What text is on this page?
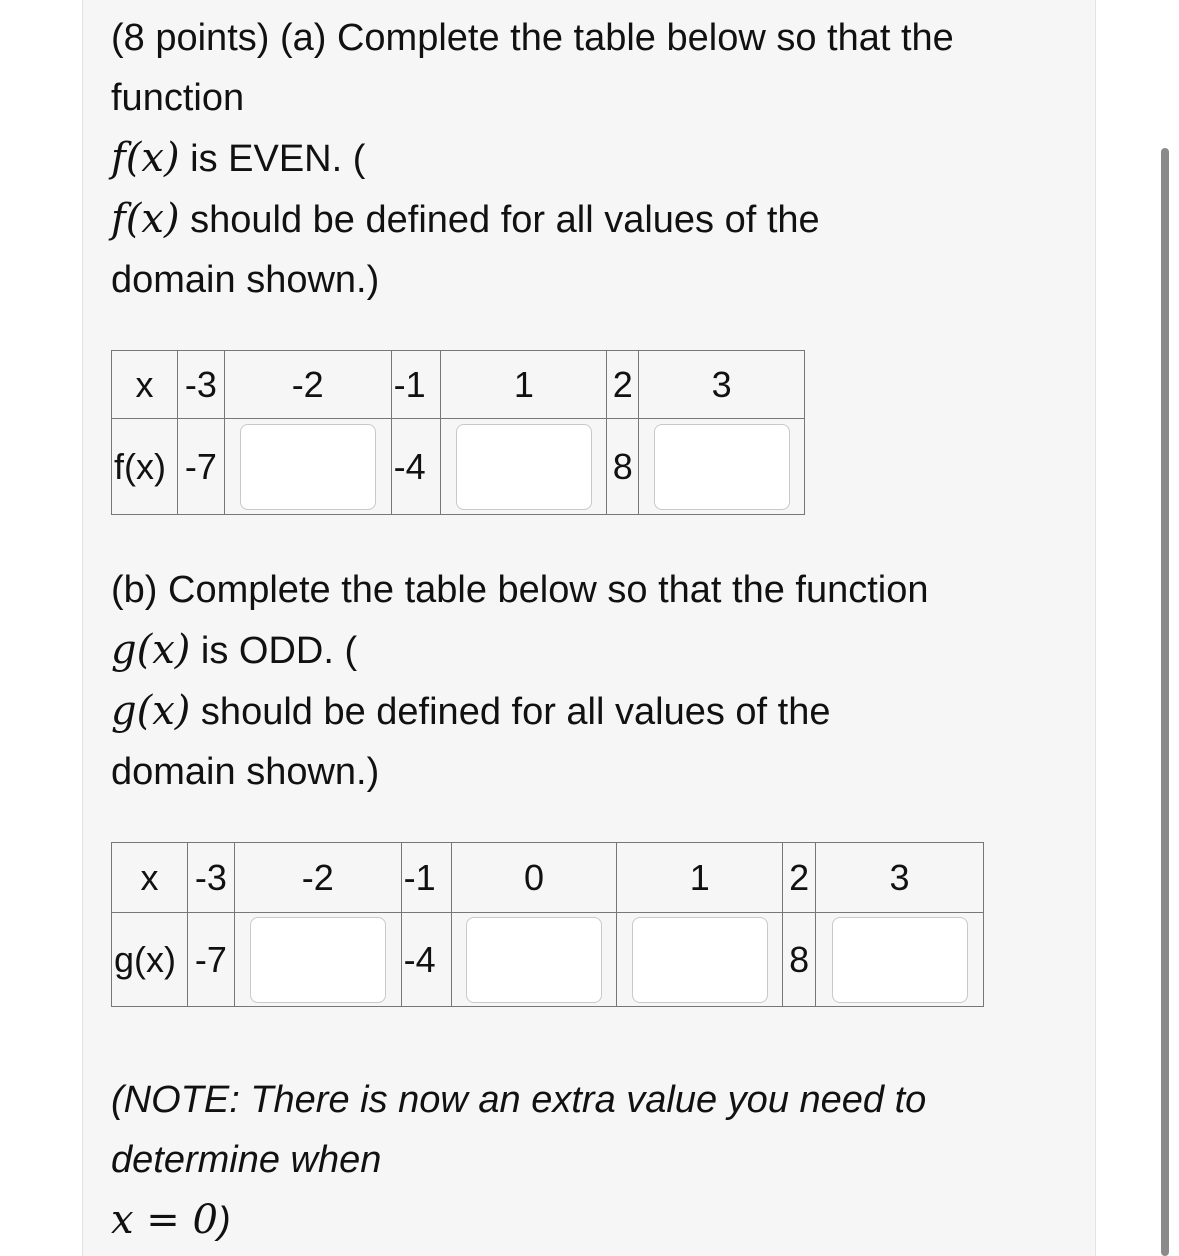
(8 points) (a) Complete the table below so that the
function
f(x) is EVEN. (
f(x) should be defined for all values of the
domain shown.)
x	-3	-2	-1	1	2	3
f(x)	-7		-4		8	
(b) Complete the table below so that the function
g(x) is ODD. (
g(x) should be defined for all values of the
domain shown.)
x	-3	-2	-1	0	1	2	3
g(x)	-7		-4			8	
(NOTE: There is now an extra value you need to
determine when
x = 0)
